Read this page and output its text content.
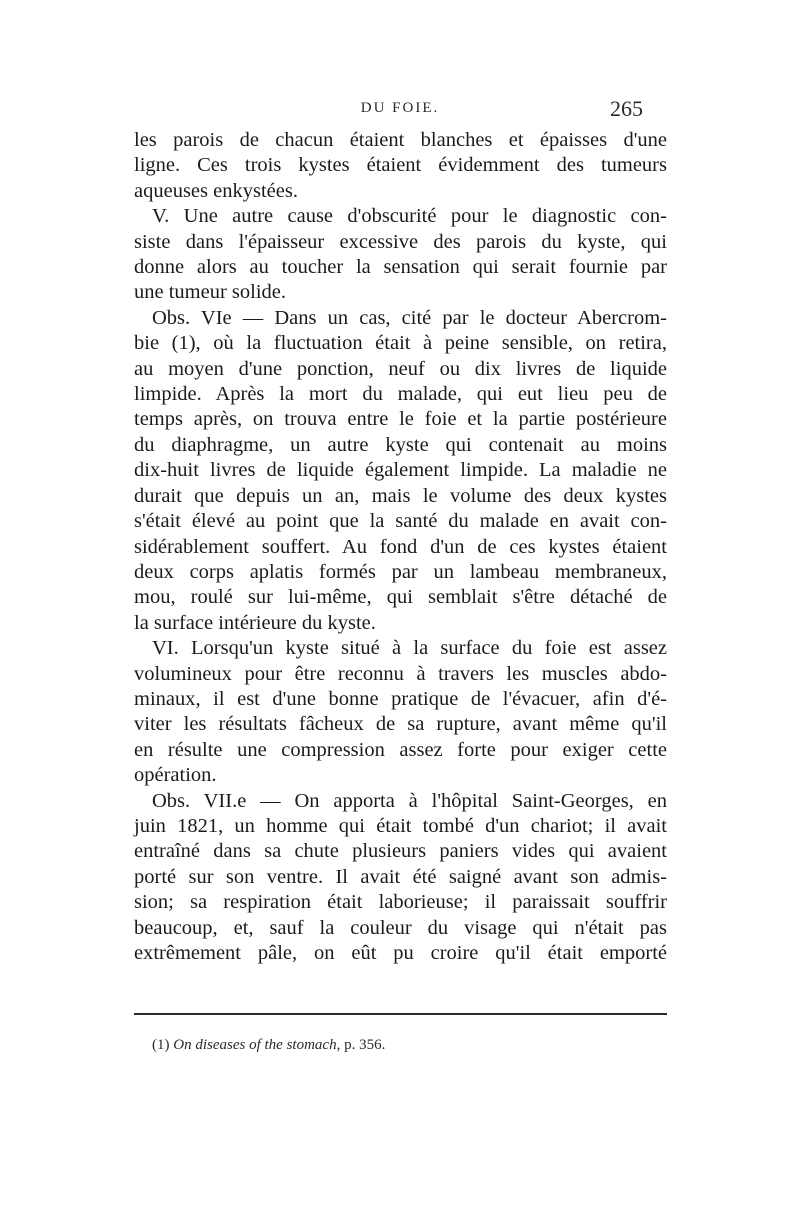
DU FOIE.	265
les parois de chacun étaient blanches et épaisses d'une
ligne. Ces trois kystes étaient évidemment des tumeurs
aqueuses enkystées.
V. Une autre cause d'obscurité pour le diagnostic con-
siste dans l'épaisseur excessive des parois du kyste, qui
donne alors au toucher la sensation qui serait fournie par
une tumeur solide.
Obs. VIe — Dans un cas, cité par le docteur Abercrom-
bie (1), où la fluctuation était à peine sensible, on retira,
au moyen d'une ponction, neuf ou dix livres de liquide
limpide. Après la mort du malade, qui eut lieu peu de
temps après, on trouva entre le foie et la partie postérieure
du diaphragme, un autre kyste qui contenait au moins
dix-huit livres de liquide également limpide. La maladie ne
durait que depuis un an, mais le volume des deux kystes
s'était élevé au point que la santé du malade en avait con-
sidérablement souffert. Au fond d'un de ces kystes étaient
deux corps aplatis formés par un lambeau membraneux,
mou, roulé sur lui-même, qui semblait s'être détaché de
la surface intérieure du kyste.
VI. Lorsqu'un kyste situé à la surface du foie est assez
volumineux pour être reconnu à travers les muscles abdo-
minaux, il est d'une bonne pratique de l'évacuer, afin d'é-
viter les résultats fâcheux de sa rupture, avant même qu'il
en résulte une compression assez forte pour exiger cette
opération.
Obs. VII.e — On apporta à l'hôpital Saint-Georges, en
juin 1821, un homme qui était tombé d'un chariot; il avait
entraîné dans sa chute plusieurs paniers vides qui avaient
porté sur son ventre. Il avait été saigné avant son admis-
sion; sa respiration était laborieuse; il paraissait souffrir
beaucoup, et, sauf la couleur du visage qui n'était pas
extrêmement pâle, on eût pu croire qu'il était emporté
(1) On diseases of the stomach, p. 356.
